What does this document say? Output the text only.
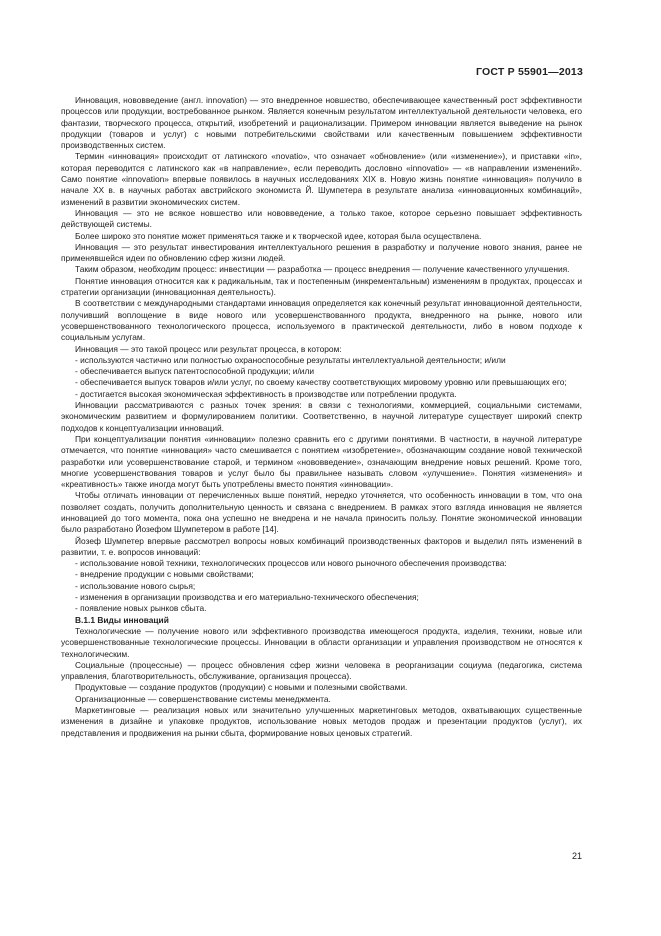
ГОСТ Р 55901—2013

Инновация, нововведение (англ. innovation) — это внедренное новшество, обеспечивающее качественный рост эффективности процессов или продукции, востребованное рынком. Является конечным результатом интеллектуальной деятельности человека, его фантазии, творческого процесса, открытий, изобретений и рационализации. Примером инновации является выведение на рынок продукции (товаров и услуг) с новыми потребительскими свойствами или качественным повышением эффективности производственных систем.

Термин «инновация» происходит от латинского «novatio», что означает «обновление» (или «изменение»), и приставки «in», которая переводится с латинского как «в направление», если переводить дословно «innovatio» — «в направлении изменений». Само понятие «innovation» впервые появилось в научных исследованиях XIX в. Новую жизнь понятие «инновация» получило в начале XX в. в научных работах австрийского экономиста Й. Шумпетера в результате анализа «инновационных комбинаций», изменений в развитии экономических систем.

Инновация — это не всякое новшество или нововведение, а только такое, которое серьезно повышает эффективность действующей системы.

Более широко это понятие может применяться также и к творческой идее, которая была осуществлена.

Инновация — это результат инвестирования интеллектуального решения в разработку и получение нового знания, ранее не применявшейся идеи по обновлению сфер жизни людей.

Таким образом, необходим процесс: инвестиции — разработка — процесс внедрения — получение качественного улучшения.

Понятие инновация относится как к радикальным, так и постепенным (инкрементальным) изменениям в продуктах, процессах и стратегии организации (инновационная деятельность).

В соответствии с международными стандартами инновация определяется как конечный результат инновационной деятельности, получивший воплощение в виде нового или усовершенствованного продукта, внедренного на рынке, нового или усовершенствованного технологического процесса, используемого в практической деятельности, либо в новом подходе к социальным услугам.

Инновация — это такой процесс или результат процесса, в котором:

- используются частично или полностью охраноспособные результаты интеллектуальной деятельности; и/или

- обеспечивается выпуск патентоспособной продукции; и/или

- обеспечивается выпуск товаров и/или услуг, по своему качеству соответствующих мировому уровню или превышающих его;

- достигается высокая экономическая эффективность в производстве или потреблении продукта.

Инновации рассматриваются с разных точек зрения: в связи с технологиями, коммерцией, социальными системами, экономическим развитием и формулированием политики. Соответственно, в научной литературе существует широкий спектр подходов к концептуализации инноваций.

При концептуализации понятия «инновации» полезно сравнить его с другими понятиями. В частности, в научной литературе отмечается, что понятие «инновация» часто смешивается с понятием «изобретение», обозначающим создание новой технической разработки или усовершенствование старой, и термином «нововведение», означающим внедрение новых решений. Кроме того, многие усовершенствования товаров и услуг было бы правильнее называть словом «улучшение». Понятия «изменения» и «креативность» также иногда могут быть употреблены вместо понятия «инновации».

Чтобы отличать инновации от перечисленных выше понятий, нередко уточняется, что особенность инновации в том, что она позволяет создать, получить дополнительную ценность и связана с внедрением. В рамках этого взгляда инновация не является инновацией до того момента, пока она успешно не внедрена и не начала приносить пользу. Понятие экономической инновации было разработано Йозефом Шумпетером в работе [14].

Йозеф Шумпетер впервые рассмотрел вопросы новых комбинаций производственных факторов и выделил пять изменений в развитии, т. е. вопросов инноваций:

- использование новой техники, технологических процессов или нового рыночного обеспечения производства:

- внедрение продукции с новыми свойствами;

- использование нового сырья;

- изменения в организации производства и его материально-технического обеспечения;

- появление новых рынков сбыта.

В.1.1 Виды инноваций

Технологические — получение нового или эффективного производства имеющегося продукта, изделия, техники, новые или усовершенствованные технологические процессы. Инновации в области организации и управления производством не относятся к технологическим.

Социальные (процессные) — процесс обновления сфер жизни человека в реорганизации социума (педагогика, система управления, благотворительность, обслуживание, организация процесса).

Продуктовые — создание продуктов (продукции) с новыми и полезными свойствами.

Организационные — совершенствование системы менеджмента.

Маркетинговые — реализация новых или значительно улучшенных маркетинговых методов, охватывающих существенные изменения в дизайне и упаковке продуктов, использование новых методов продаж и презентации продуктов (услуг), их представления и продвижения на рынки сбыта, формирование новых ценовых стратегий.

21
